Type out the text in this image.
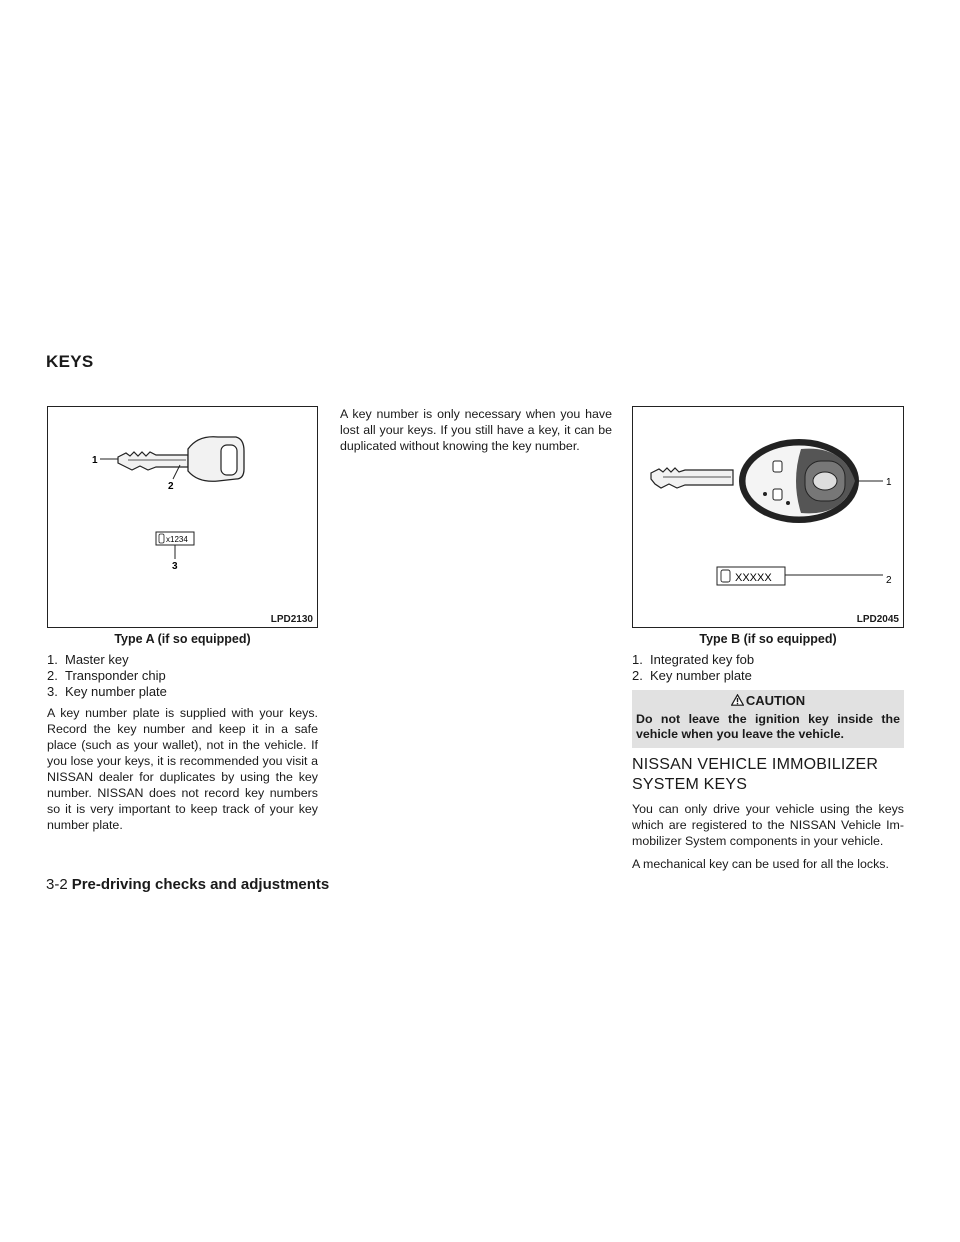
KEYS
1
2
x1234
3
LPD2130
Type A (if so equipped)
1. Master key
2. Transponder chip
3. Key number plate

A key number plate is supplied with your keys. Record the key number and keep it in a safe place (such as your wallet), not in the vehicle. If you lose your keys, it is recommended you visit a NISSAN dealer for duplicates by using the key number. NISSAN does not record key numbers so it is very important to keep track of your key number plate.

A key number is only necessary when you have lost all your keys. If you still have a key, it can be duplicated without knowing the key number.

1
XXXXX	2
LPD2045
Type B (if so equipped)
1. Integrated key fob
2. Key number plate
CAUTION

Do not leave the ignition key inside the vehicle when you leave the vehicle.

NISSAN VEHICLE IMMOBILIZER SYSTEM KEYS

You can only drive your vehicle using the keys which are registered to the NISSAN Vehicle Im-mobilizer System components in your vehicle.

A mechanical key can be used for all the locks.

3-2 Pre-driving checks and adjustments
